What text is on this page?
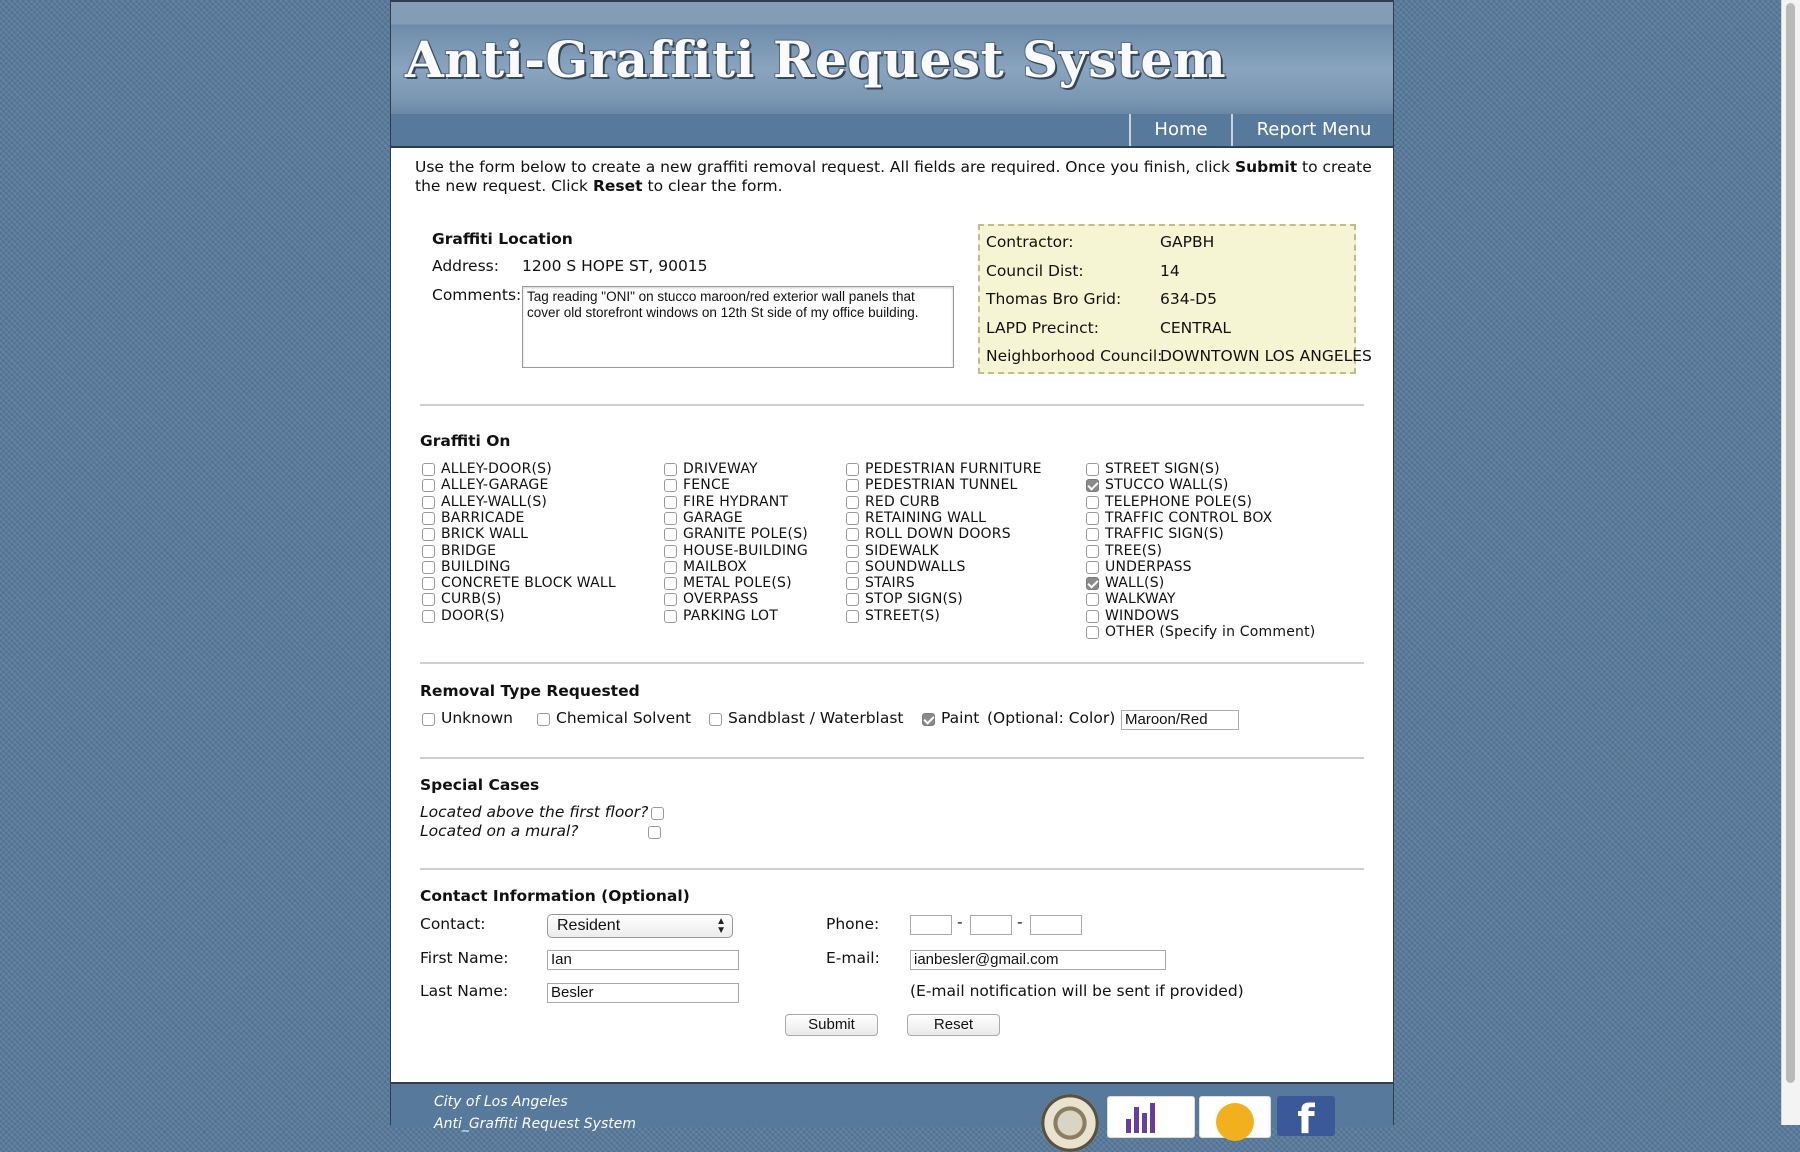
Anti-Graffiti Request System
Home	Report Menu
Use the form below to create a new graffiti removal request. All fields are required. Once you finish, click Submit to create the new request. Click Reset to clear the form.
Graffiti Location
Address: 1200 S HOPE ST, 90015
Comments:
Tag reading "ONI" on stucco maroon/red exterior wall panels that cover old storefront windows on 12th St side of my office building.
Contractor:	GAPBH
Council Dist:	14
Thomas Bro Grid:	634-D5
LAPD Precinct:	CENTRAL
Neighborhood Council:
DOWNTOWN LOS ANGELES
Graffiti On
ALLEY-DOOR(S)
ALLEY-GARAGE
ALLEY-WALL(S)
BARRICADE
BRICK WALL
BRIDGE
BUILDING
CONCRETE BLOCK WALL
CURB(S)
DOOR(S)
DRIVEWAY
FENCE
FIRE HYDRANT
GARAGE
GRANITE POLE(S)
HOUSE-BUILDING
MAILBOX
METAL POLE(S)
OVERPASS
PARKING LOT
PEDESTRIAN FURNITURE
PEDESTRIAN TUNNEL
RED CURB
RETAINING WALL
ROLL DOWN DOORS
SIDEWALK
SOUNDWALLS
STAIRS
STOP SIGN(S)
STREET(S)
STREET SIGN(S)
STUCCO WALL(S)
TELEPHONE POLE(S)
TRAFFIC CONTROL BOX
TRAFFIC SIGN(S)
TREE(S)
UNDERPASS
WALL(S)
WALKWAY
WINDOWS
OTHER (Specify in Comment)
Removal Type Requested
Unknown	Chemical Solvent Sandblast / Waterblast Paint (Optional: Color) Maroon/Red
Special Cases
Located above the first floor?
Located on a mural?
Contact Information (Optional)
Contact:	Resident	▲
▼
First Name:	Ian
Last Name:	Besler
Phone:	-	-
E-mail: ianbesler@gmail.com
(E-mail notification will be sent if provided)
Submit	Reset
City of Los Angeles
Anti_Graffiti Request System	f
